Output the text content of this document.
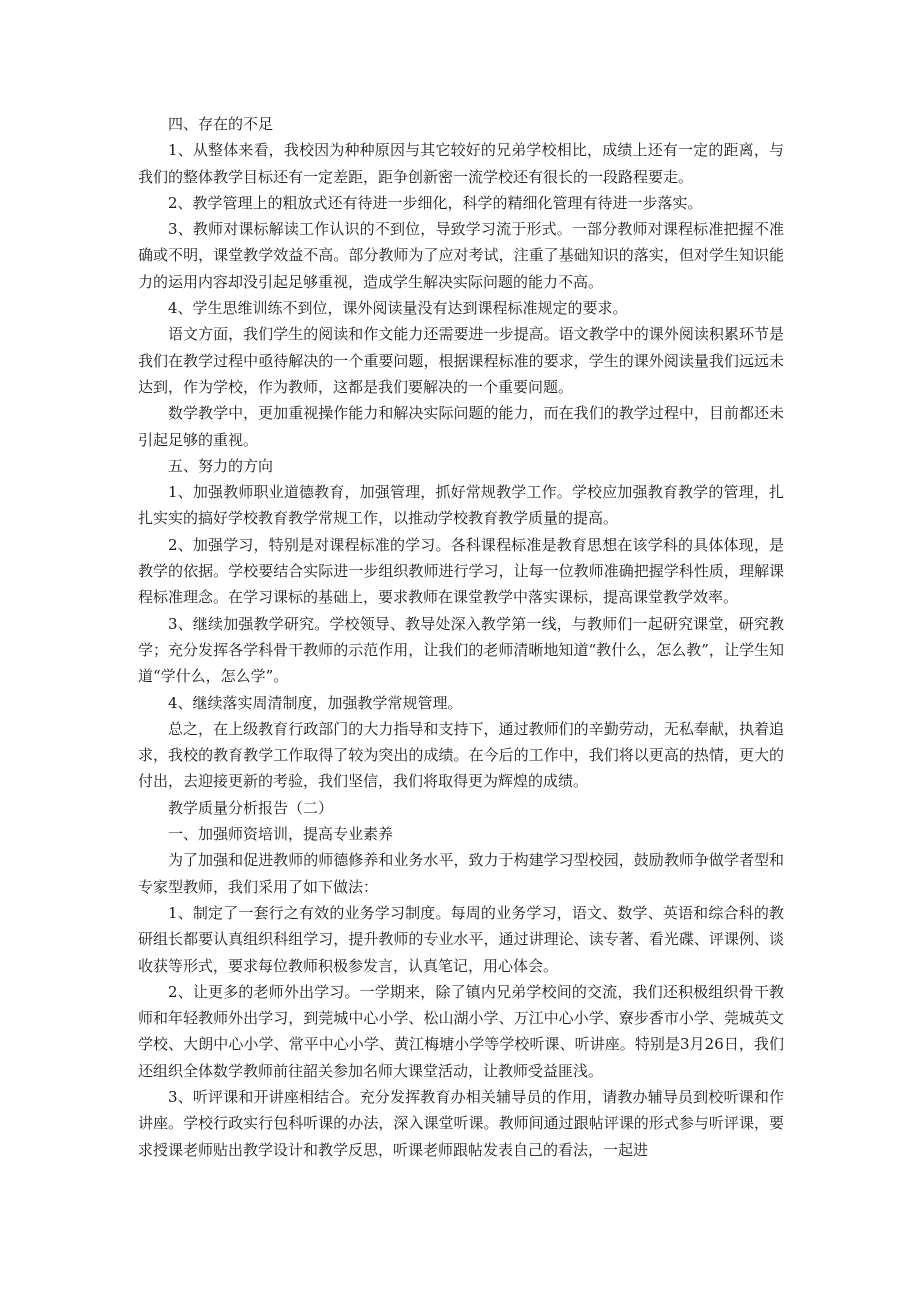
四、存在的不足

1、从整体来看，我校因为种种原因与其它较好的兄弟学校相比，成绩上还有一定的距离，与我们的整体教学目标还有一定差距，距争创新密一流学校还有很长的一段路程要走。

2、教学管理上的粗放式还有待进一步细化，科学的精细化管理有待进一步落实。

3、教师对课标解读工作认识的不到位，导致学习流于形式。一部分教师对课程标准把握不准确或不明，课堂教学效益不高。部分教师为了应对考试，注重了基础知识的落实，但对学生知识能力的运用内容却没引起足够重视，造成学生解决实际问题的能力不高。

4、学生思维训练不到位，课外阅读量没有达到课程标准规定的要求。

语文方面，我们学生的阅读和作文能力还需要进一步提高。语文教学中的课外阅读积累环节是我们在教学过程中亟待解决的一个重要问题，根据课程标准的要求，学生的课外阅读量我们远远未达到，作为学校，作为教师，这都是我们要解决的一个重要问题。

数学教学中，更加重视操作能力和解决实际问题的能力，而在我们的教学过程中，目前都还未引起足够的重视。

五、努力的方向

1、加强教师职业道德教育，加强管理，抓好常规教学工作。学校应加强教育教学的管理，扎扎实实的搞好学校教育教学常规工作，以推动学校教育教学质量的提高。

2、加强学习，特别是对课程标准的学习。各科课程标准是教育思想在该学科的具体体现，是教学的依据。学校要结合实际进一步组织教师进行学习，让每一位教师准确把握学科性质，理解课程标准理念。在学习课标的基础上，要求教师在课堂教学中落实课标，提高课堂教学效率。

3、继续加强教学研究。学校领导、教导处深入教学第一线，与教师们一起研究课堂，研究教学；充分发挥各学科骨干教师的示范作用，让我们的老师清晰地知道“教什么，怎么教”，让学生知道“学什么，怎么学”。

4、继续落实周清制度，加强教学常规管理。

总之，在上级教育行政部门的大力指导和支持下，通过教师们的辛勤劳动，无私奉献，执着追求，我校的教育教学工作取得了较为突出的成绩。在今后的工作中，我们将以更高的热情，更大的付出，去迎接更新的考验，我们坚信，我们将取得更为辉煌的成绩。

教学质量分析报告（二）

一、加强师资培训，提高专业素养

为了加强和促进教师的师德修养和业务水平，致力于构建学习型校园，鼓励教师争做学者型和专家型教师，我们采用了如下做法：

1、制定了一套行之有效的业务学习制度。每周的业务学习，语文、数学、英语和综合科的教研组长都要认真组织科组学习，提升教师的专业水平，通过讲理论、读专著、看光碟、评课例、谈收获等形式，要求每位教师积极参发言，认真笔记，用心体会。

2、让更多的老师外出学习。一学期来，除了镇内兄弟学校间的交流，我们还积极组织骨干教师和年轻教师外出学习，到莞城中心小学、松山湖小学、万江中心小学、寮步香市小学、莞城英文学校、大朗中心小学、常平中心小学、黄江梅塘小学等学校听课、听讲座。特别是3月26日，我们还组织全体数学教师前往韶关参加名师大课堂活动，让教师受益匪浅。

3、听评课和开讲座相结合。充分发挥教育办相关辅导员的作用，请教办辅导员到校听课和作讲座。学校行政实行包科听课的办法，深入课堂听课。教师间通过跟帖评课的形式参与听评课，要求授课老师贴出教学设计和教学反思，听课老师跟帖发表自己的看法，一起进
